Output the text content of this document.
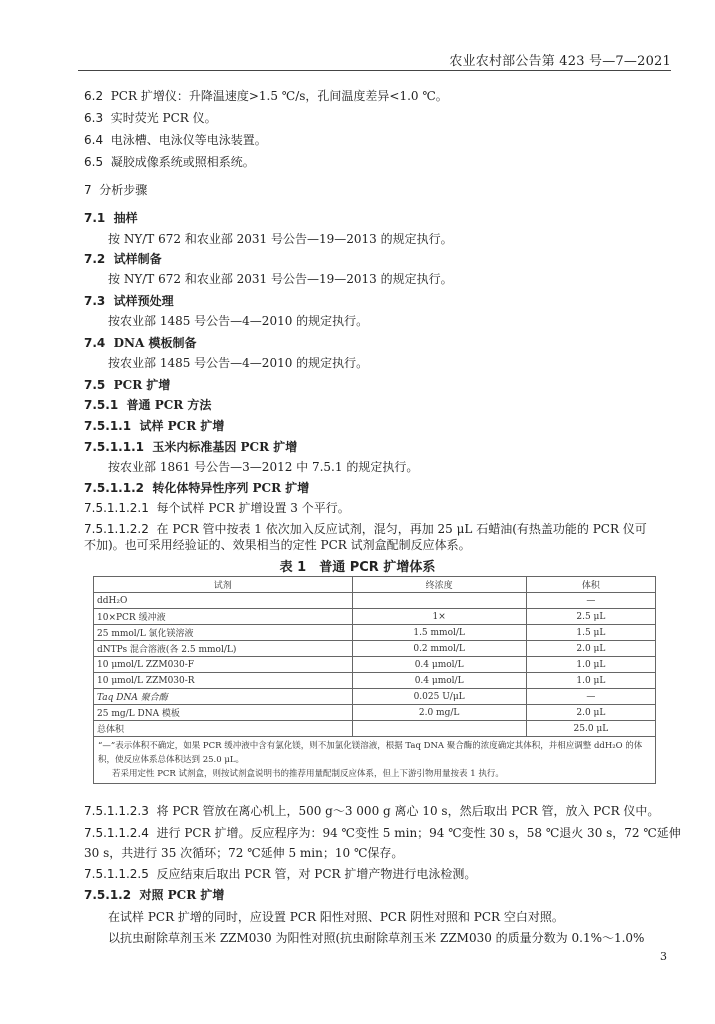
农业农村部公告第 423 号—7—2021
6.2 PCR 扩增仪：升降温速度>1.5 ℃/s，孔间温度差异<1.0 ℃。
6.3 实时荧光 PCR 仪。
6.4 电泳槽、电泳仪等电泳装置。
6.5 凝胶成像系统或照相系统。
7 分析步骤
7.1 抽样
按 NY/T 672 和农业部 2031 号公告—19—2013 的规定执行。
7.2 试样制备
按 NY/T 672 和农业部 2031 号公告—19—2013 的规定执行。
7.3 试样预处理
按农业部 1485 号公告—4—2010 的规定执行。
7.4 DNA 模板制备
按农业部 1485 号公告—4—2010 的规定执行。
7.5 PCR 扩增
7.5.1 普通 PCR 方法
7.5.1.1 试样 PCR 扩增
7.5.1.1.1 玉米内标准基因 PCR 扩增
按农业部 1861 号公告—3—2012 中 7.5.1 的规定执行。
7.5.1.1.2 转化体特异性序列 PCR 扩增
7.5.1.1.2.1 每个试样 PCR 扩增设置 3 个平行。
7.5.1.1.2.2 在 PCR 管中按表 1 依次加入反应试剂，混匀，再加 25 μL 石蜡油(有热盖功能的 PCR 仪可
不加)。也可采用经验证的、效果相当的定性 PCR 试剂盒配制反应体系。
表 1　普通 PCR 扩增体系
试剂	终浓度	体积
ddH₂O		—
10×PCR 缓冲液	1×	2.5 μL
25 mmol/L 氯化镁溶液	1.5 mmol/L	1.5 μL
dNTPs 混合溶液(各 2.5 mmol/L)	0.2 mmol/L	2.0 μL
10 μmol/L ZZM030-F	0.4 μmol/L	1.0 μL
10 μmol/L ZZM030-R	0.4 μmol/L	1.0 μL
Taq DNA 聚合酶	0.025 U/μL	—
25 mg/L DNA 模板	2.0 mg/L	2.0 μL
总体积		25.0 μL

“—”表示体积不确定，如果 PCR 缓冲液中含有氯化镁，则不加氯化镁溶液，根据 Taq DNA 聚合酶的浓度确定其体积，并相应调整 ddH₂O 的体积，使反应体系总体积达到 25.0 μL。
若采用定性 PCR 试剂盒，则按试剂盒说明书的推荐用量配制反应体系，但上下游引物用量按表 1 执行。		
7.5.1.1.2.3 将 PCR 管放在离心机上，500 g～3 000 g 离心 10 s，然后取出 PCR 管，放入 PCR 仪中。
7.5.1.1.2.4 进行 PCR 扩增。反应程序为：94 ℃变性 5 min；94 ℃变性 30 s，58 ℃退火 30 s，72 ℃延伸
30 s，共进行 35 次循环；72 ℃延伸 5 min；10 ℃保存。
7.5.1.1.2.5 反应结束后取出 PCR 管，对 PCR 扩增产物进行电泳检测。
7.5.1.2 对照 PCR 扩增
在试样 PCR 扩增的同时，应设置 PCR 阳性对照、PCR 阴性对照和 PCR 空白对照。
以抗虫耐除草剂玉米 ZZM030 为阳性对照(抗虫耐除草剂玉米 ZZM030 的质量分数为 0.1%～1.0%
3
